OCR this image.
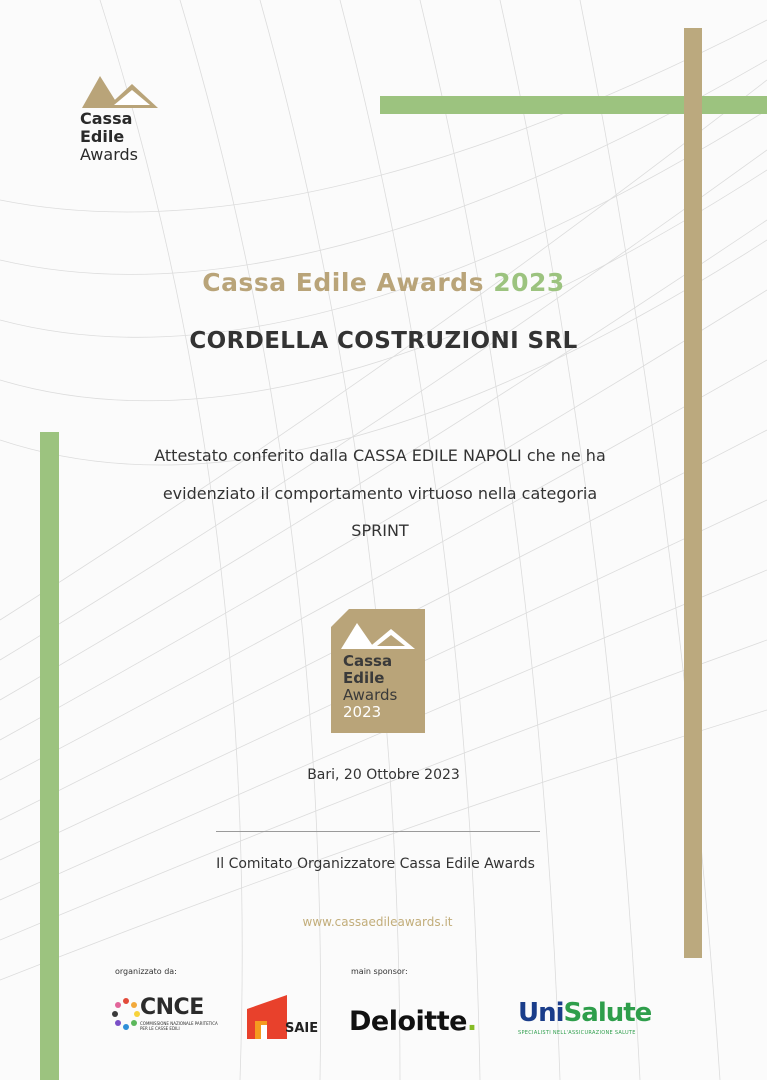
Cassa
Edile
Awards
Cassa Edile Awards 2023
CORDELLA COSTRUZIONI SRL
Attestato conferito dalla CASSA EDILE NAPOLI che ne ha
evidenziato il comportamento virtuoso nella categoria
SPRINT
Cassa
Edile
Awards
2023
Bari, 20 Ottobre 2023
Il Comitato Organizzatore Cassa Edile Awards
www.cassaedileawards.it
organizzato da:	main sponsor:
CNCE
COMMISSIONE NAZIONALE PARITETICA PER LE CASSE EDILI	SAIE Deloitte. UniSalute
SPECIALISTI NELL'ASSICURAZIONE SALUTE
